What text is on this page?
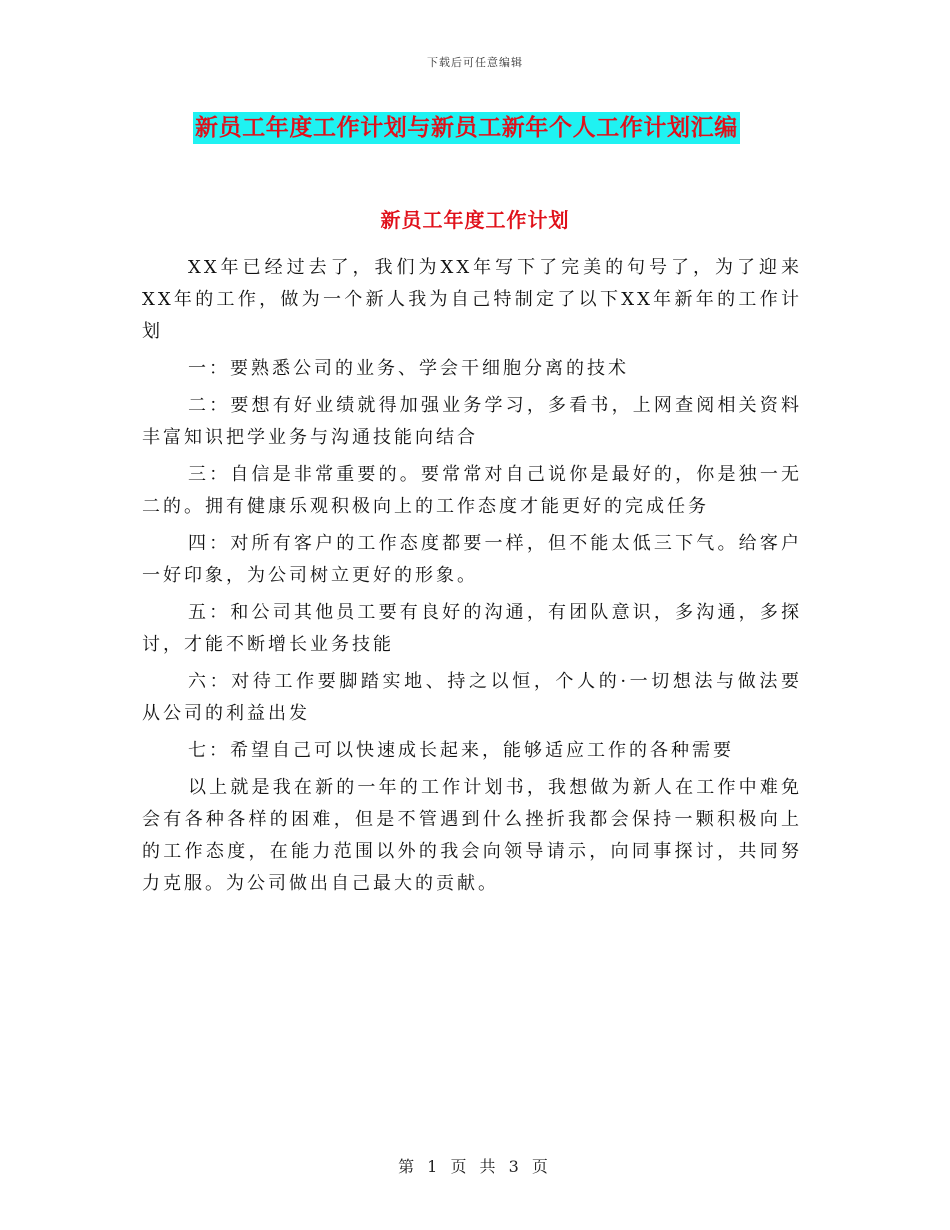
下载后可任意编辑
新员工年度工作计划与新员工新年个人工作计划汇编
新员工年度工作计划

XX年已经过去了，我们为XX年写下了完美的句号了，为了迎来XX年的工作，做为一个新人我为自己特制定了以下XX年新年的工作计划

一：要熟悉公司的业务、学会干细胞分离的技术

二：要想有好业绩就得加强业务学习，多看书，上网查阅相关资料丰富知识把学业务与沟通技能向结合

三：自信是非常重要的。要常常对自己说你是最好的，你是独一无二的。拥有健康乐观积极向上的工作态度才能更好的完成任务

四：对所有客户的工作态度都要一样，但不能太低三下气。给客户一好印象，为公司树立更好的形象。

五：和公司其他员工要有良好的沟通，有团队意识，多沟通，多探讨，才能不断增长业务技能

六：对待工作要脚踏实地、持之以恒，个人的·一切想法与做法要从公司的利益出发

七：希望自己可以快速成长起来，能够适应工作的各种需要

以上就是我在新的一年的工作计划书，我想做为新人在工作中难免会有各种各样的困难，但是不管遇到什么挫折我都会保持一颗积极向上的工作态度，在能力范围以外的我会向领导请示，向同事探讨，共同努力克服。为公司做出自己最大的贡献。

第 1 页 共 3 页
